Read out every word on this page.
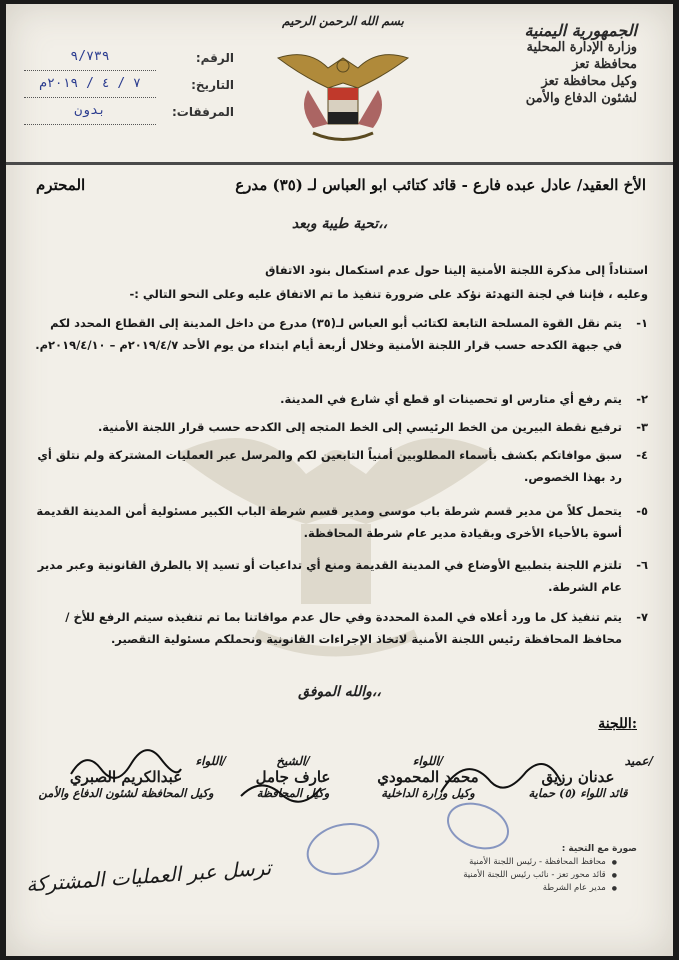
الجمهورية اليمنية
وزارة الإدارة المحلية
محافظة تعز
وكيل محافظة تعز
لشئون الدفاع والأمن
بسم الله الرحمن الرحيم
الرقم:
٩/٧٣٩
التاريخ:
٧ / ٤ / ٢٠١٩م
المرفقات:
بدون
الأخ العقيد/ عادل عبده فارع - قائد كتائب ابو العباس لـ (٣٥) مدرع
المحترم
تحية طيبة وبعد،،
استناداً إلى مذكرة اللجنة الأمنية إلينا حول عدم استكمال بنود الاتفاق
وعليه ، فإننا في لجنة التهدئة نؤكد على ضرورة تنفيذ ما تم الاتفاق عليه وعلى النحو التالي :-
١-
يتم نقل القوة المسلحة التابعة لكتائب أبو العباس لـ(٣٥) مدرع من داخل المدينة إلى القطاع المحدد لكم في جبهة الكدحه حسب قرار اللجنة الأمنية وخلال أربعة أيام ابتداء من يوم الأحد ٢٠١٩/٤/٧م – ٢٠١٩/٤/١٠م.
٢-
يتم رفع أي متارس او تحصينات او قطع أي شارع في المدينة.
٣-
ترفيع نقطة البيرين من الخط الرئيسي إلى الخط المتجه إلى الكدحه حسب قرار اللجنة الأمنية.
٤-
سبق موافاتكم بكشف بأسماء المطلوبين أمنياً التابعين لكم والمرسل عبر العمليات المشتركة ولم نتلق أي رد بهذا الخصوص.
٥-
يتحمل كلاً من مدير قسم شرطة باب موسى ومدير قسم شرطة الباب الكبير مسئولية أمن المدينة القديمة أسوة بالأحياء الأخرى وبقيادة مدير عام شرطة المحافظة.
٦-
تلتزم اللجنة بتطبيع الأوضاع في المدينة القديمة ومنع أي تداعيات أو تسيد إلا بالطرق القانونية وعبر مدير عام الشرطة.
٧-
يتم تنفيذ كل ما ورد أعلاه في المدة المحددة وفي حال عدم موافاتنا بما تم تنفيذه سيتم الرفع للأخ / محافظ المحافظة رئيس اللجنة الأمنية لاتخاذ الإجراءات القانونية ونحملكم مسئولية التقصير.
والله الموفق،،
اللجنة:
عميد/
عدنان رزيق
قائد اللواء (٥) حماية
اللواء/
محمد المحمودي
وكيل وزارة الداخلية
الشيخ/
عارف جامل
وكيل المحافظة
اللواء/
عبدالكريم الصبري
وكيل المحافظة لشئون الدفاع والأمن
صورة مع التحية :
● محافظ المحافظة - رئيس اللجنة الأمنية
● قائد محور تعز - نائب رئيس اللجنة الأمنية
● مدير عام الشرطة
ترسل عبر العمليات المشتركة
